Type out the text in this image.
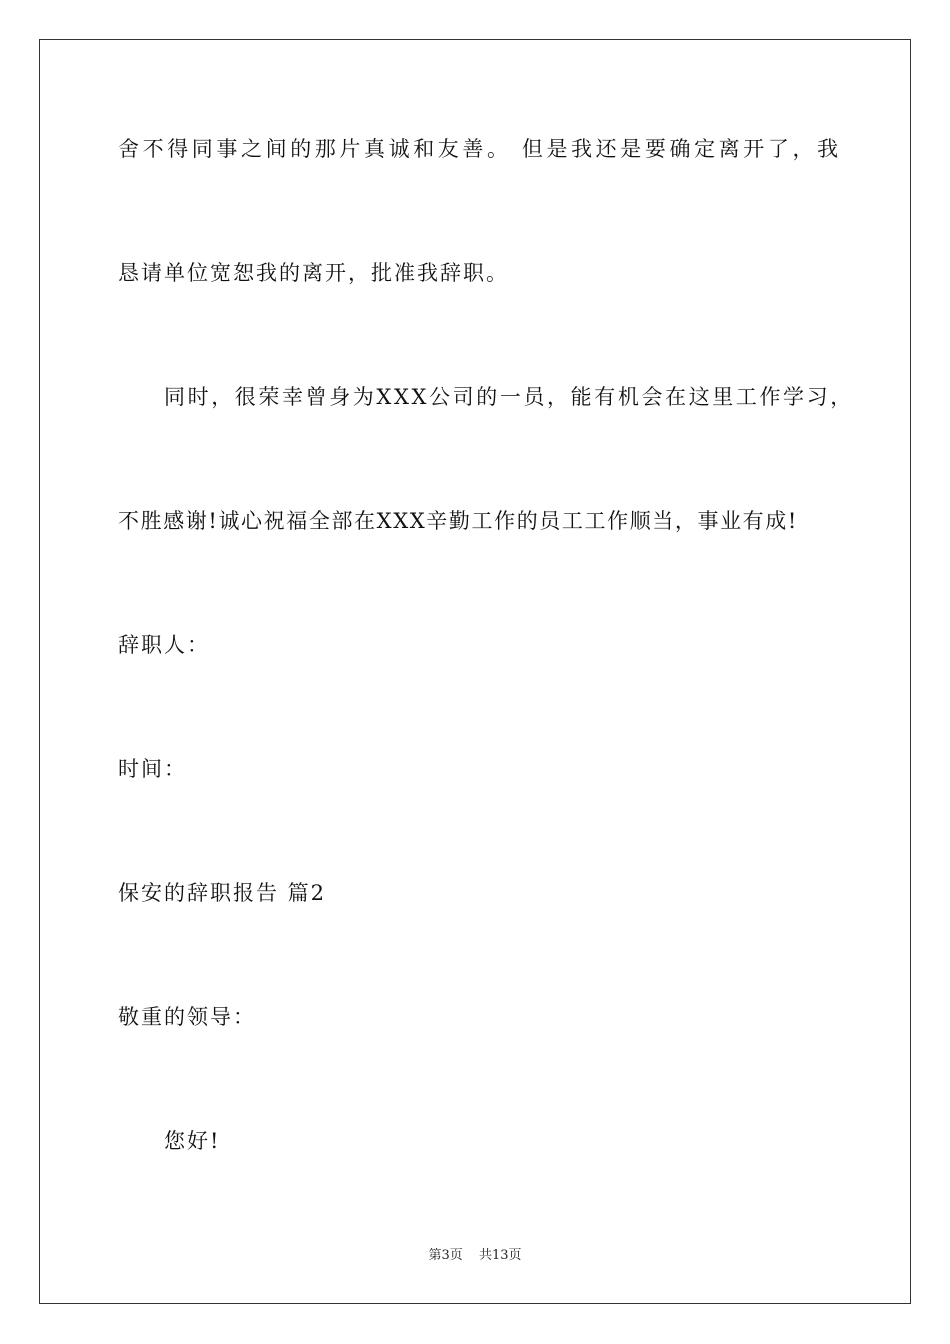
舍不得同事之间的那片真诚和友善。 但是我还是要确定离开了，我
恳请单位宽恕我的离开，批准我辞职。
同时，很荣幸曾身为XXX公司的一员，能有机会在这里工作学习，
不胜感谢!诚心祝福全部在XXX辛勤工作的员工工作顺当，事业有成!
辞职人：
时间：
保安的辞职报告 篇2
敬重的领导：
您好!
第3页 共13页
